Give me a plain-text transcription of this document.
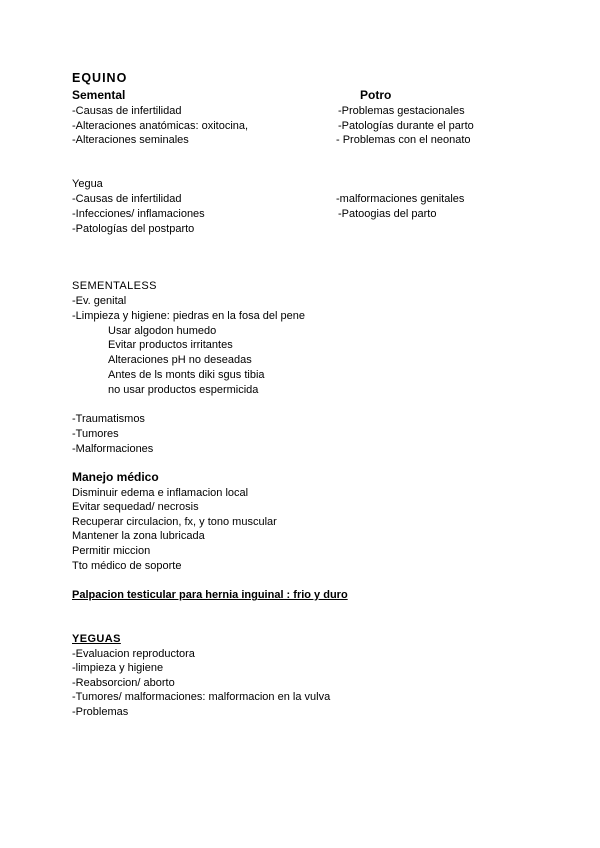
EQUINO
Semental	Potro
-Causas de infertilidad
-Alteraciones anatómicas: oxitocina,
-Alteraciones seminales
-Problemas gestacionales
-Patologías durante el parto
- Problemas con el neonato
Yegua
-Causas de infertilidad
-Infecciones/ inflamaciones
-Patologías del postparto
-malformaciones genitales
-Patoogias del parto
SEMENTALESS
-Ev. genital
-Limpieza y higiene: piedras en la fosa del pene
Usar algodon humedo
Evitar productos irritantes
Alteraciones pH no deseadas
Antes de ls monts diki sgus tibia
no usar productos espermicida
-Traumatismos
-Tumores
-Malformaciones
Manejo médico
Disminuir edema e inflamacion local
Evitar sequedad/ necrosis
Recuperar circulacion, fx, y tono muscular
Mantener la zona lubricada
Permitir miccion
Tto médico de soporte
Palpacion testicular para hernia inguinal : frio y duro
YEGUAS
-Evaluacion reproductora
-limpieza y higiene
-Reabsorcion/ aborto
-Tumores/ malformaciones: malformacion en la vulva
-Problemas
